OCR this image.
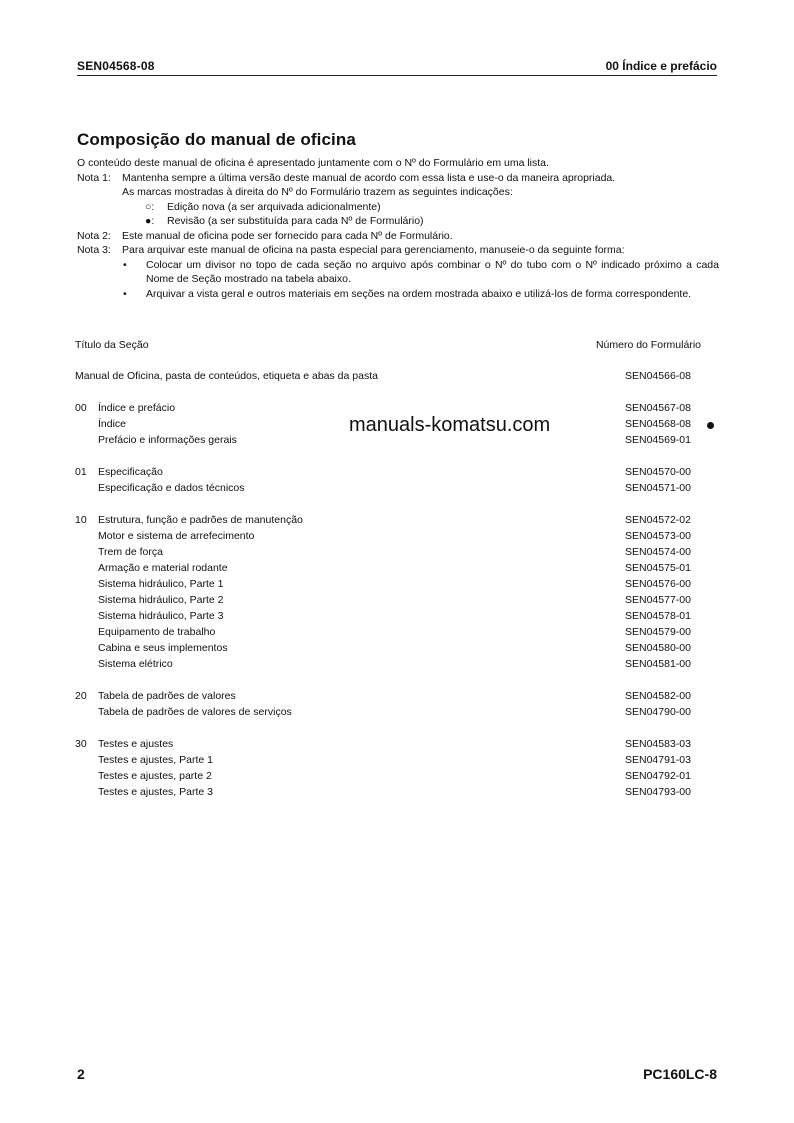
SEN04568-08	00 Índice e prefácio
Composição do manual de oficina
O conteúdo deste manual de oficina é apresentado juntamente com o Nº do Formulário em uma lista.
Nota 1:	Mantenha sempre a última versão deste manual de acordo com essa lista e use-o da maneira apropriada.
As marcas mostradas à direita do Nº do Formulário trazem as seguintes indicações:
○:	Edição nova (a ser arquivada adicionalmente)
●:	Revisão (a ser substituída para cada Nº de Formulário)
Nota 2:	Este manual de oficina pode ser fornecido para cada Nº de Formulário.
Nota 3:	Para arquivar este manual de oficina na pasta especial para gerenciamento, manuseie-o da seguinte forma:
•	Colocar um divisor no topo de cada seção no arquivo após combinar o Nº do tubo com o Nº indicado próximo a cada Nome de Seção mostrado na tabela abaixo.
•	Arquivar a vista geral e outros materiais em seções na ordem mostrada abaixo e utilizá-los de forma correspondente.
Título da Seção	Número do Formulário
Manual de Oficina, pasta de conteúdos, etiqueta e abas da pasta	SEN04566-08
00 Índice e prefácio	SEN04567-08
Índice	SEN04568-08
Prefácio e informações gerais	SEN04569-01
01 Especificação	SEN04570-00
Especificação e dados técnicos	SEN04571-00
10 Estrutura, função e padrões de manutenção	SEN04572-02
Motor e sistema de arrefecimento	SEN04573-00
Trem de força	SEN04574-00
Armação e material rodante	SEN04575-01
Sistema hidráulico, Parte 1	SEN04576-00
Sistema hidráulico, Parte 2	SEN04577-00
Sistema hidráulico, Parte 3	SEN04578-01
Equipamento de trabalho	SEN04579-00
Cabina e seus implementos	SEN04580-00
Sistema elétrico	SEN04581-00
20 Tabela de padrões de valores	SEN04582-00
Tabela de padrões de valores de serviços	SEN04790-00
30 Testes e ajustes	SEN04583-03
Testes e ajustes, Parte 1	SEN04791-03
Testes e ajustes, parte 2	SEN04792-01
Testes e ajustes, Parte 3	SEN04793-00
manuals-komatsu.com
2	PC160LC-8
